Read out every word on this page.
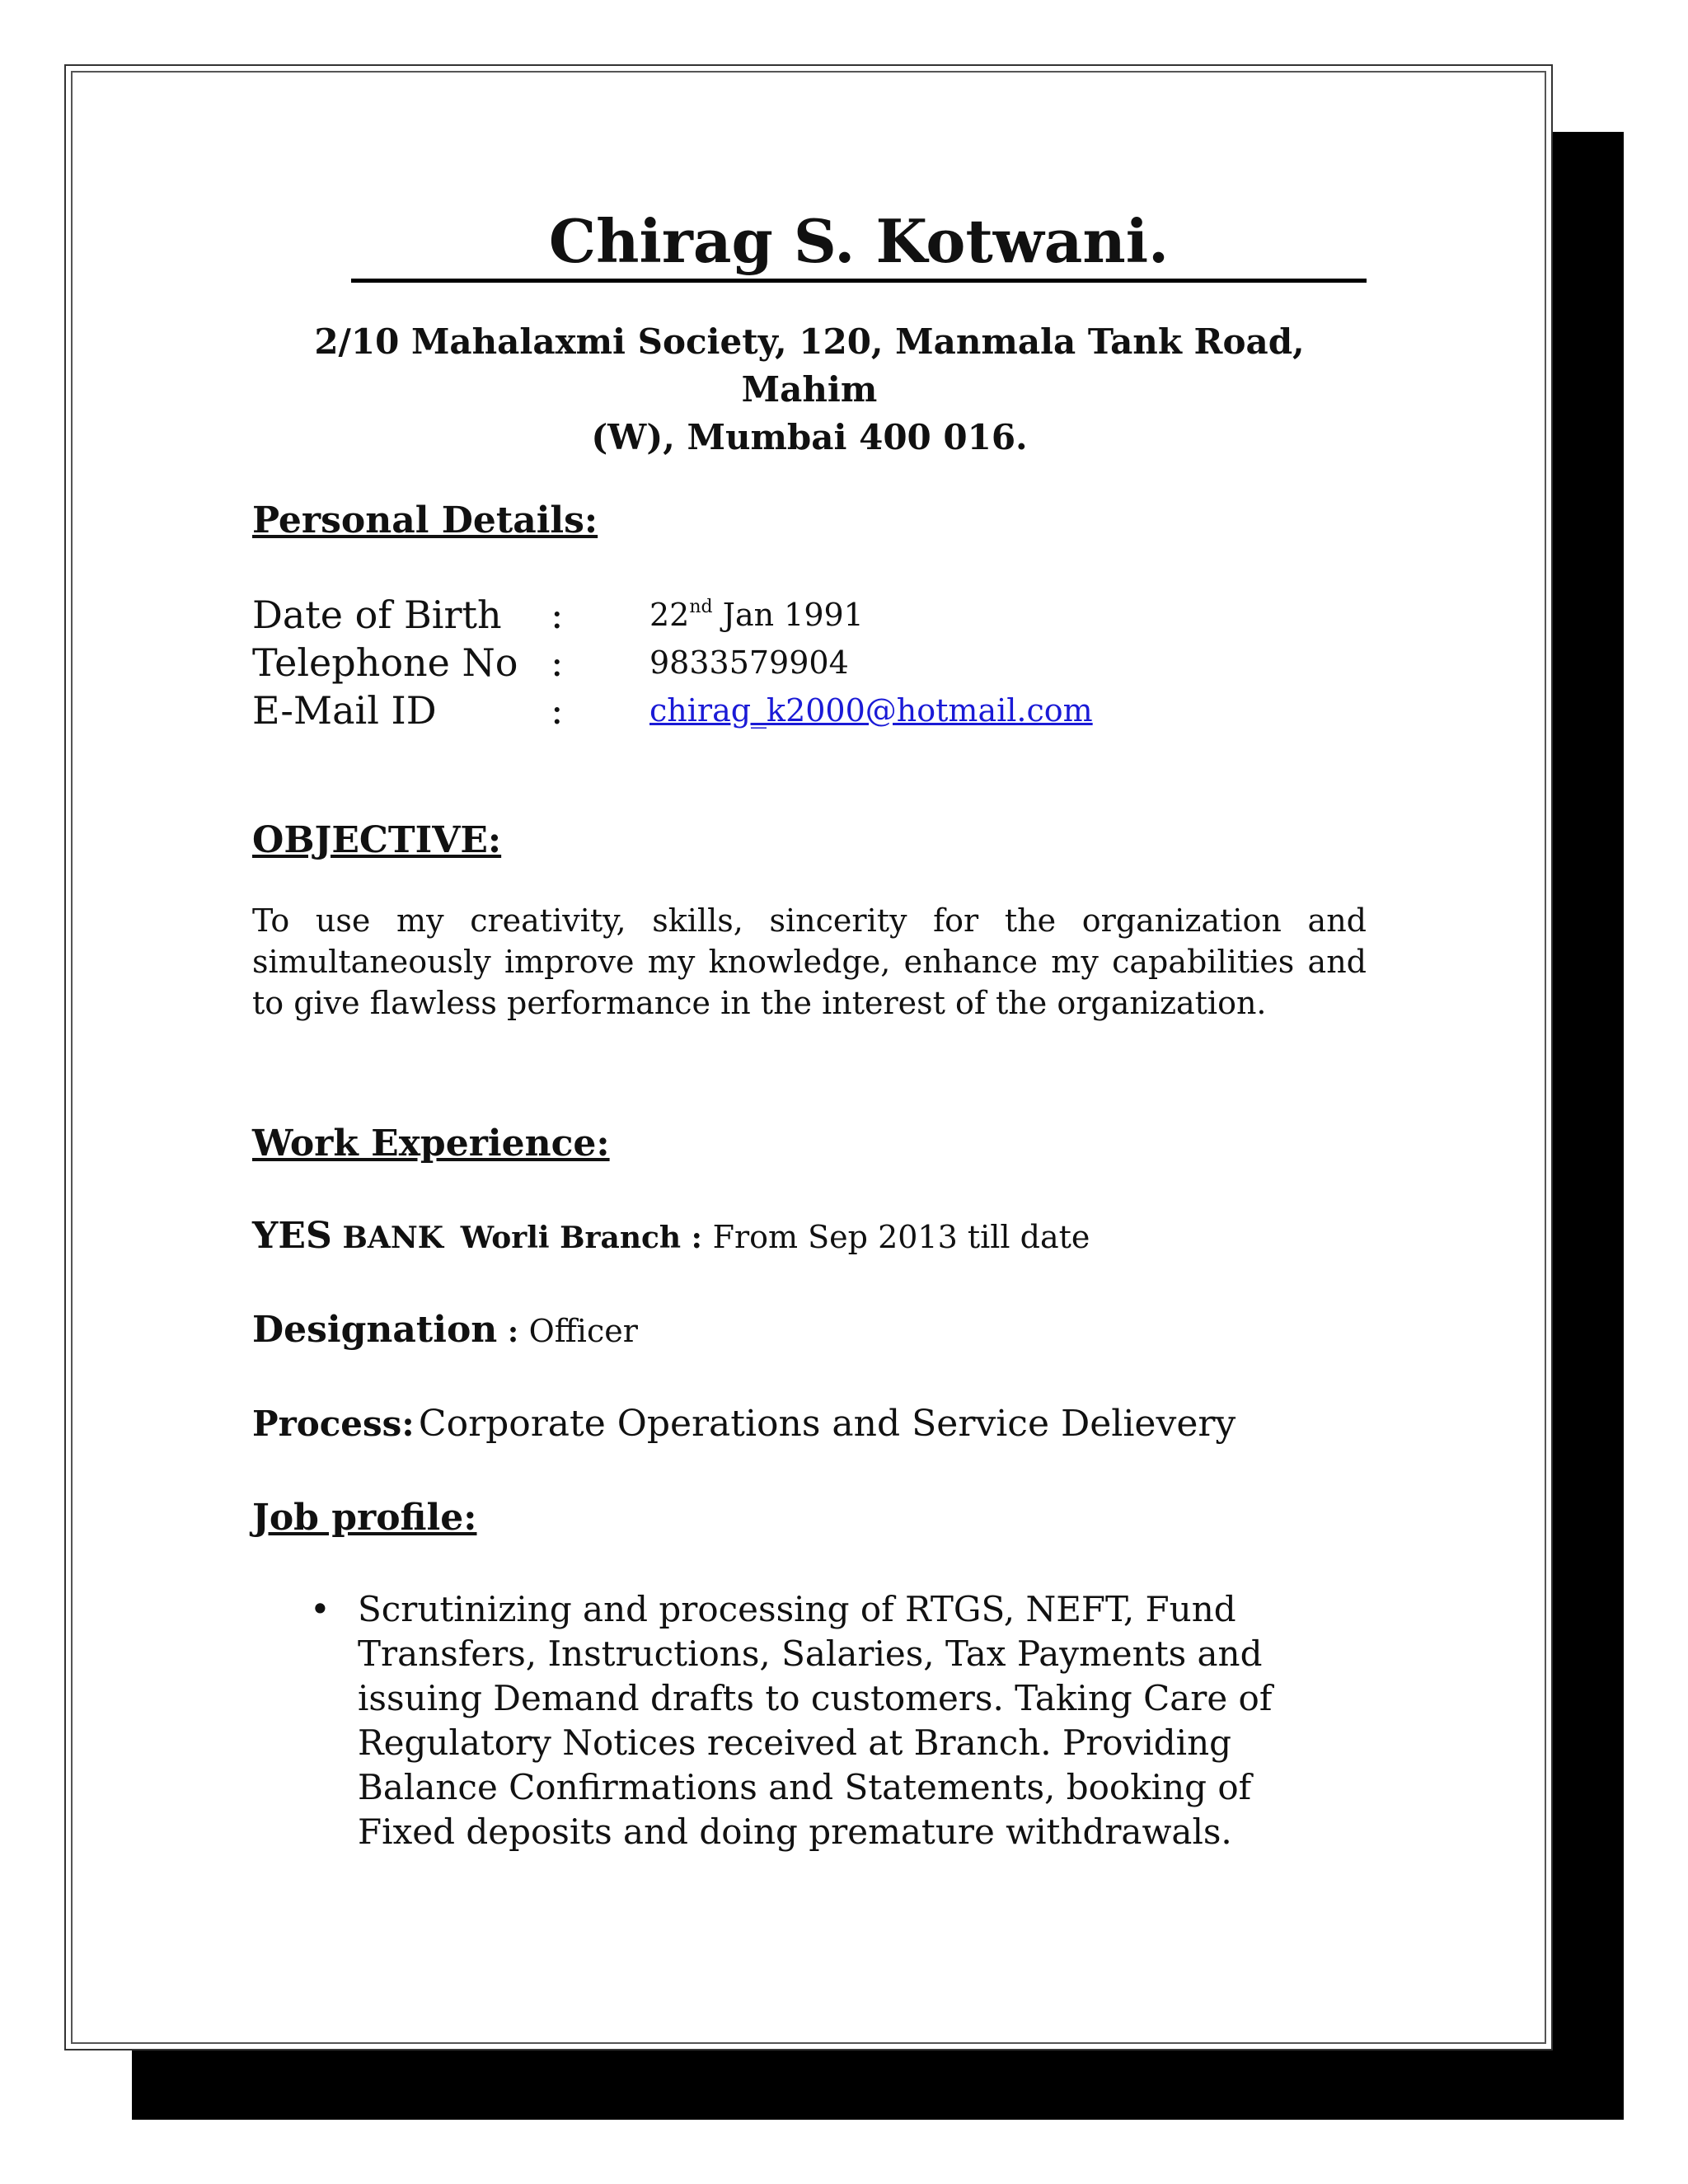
Chirag S. Kotwani.
2/10 Mahalaxmi Society, 120, Manmala Tank Road, Mahim
(W), Mumbai 400 016.
Personal Details:
Date of Birth :	22nd Jan 1991
Telephone No :	9833579904
E-Mail ID	:	chirag_k2000@hotmail.com
OBJECTIVE:
To use my creativity, skills, sincerity for the organization and simultaneously improve my knowledge, enhance my capabilities and to give flawless performance in the interest of the organization.
Work Experience:
YES BANK Worli Branch : From Sep 2013 till date
Designation : Officer
Process: Corporate Operations and Service Delievery
Job profile:
• Scrutinizing and processing of RTGS, NEFT, Fund Transfers, Instructions, Salaries, Tax Payments and issuing Demand drafts to customers. Taking Care of Regulatory Notices received at Branch. Providing Balance Confirmations and Statements, booking of Fixed deposits and doing premature withdrawals.
